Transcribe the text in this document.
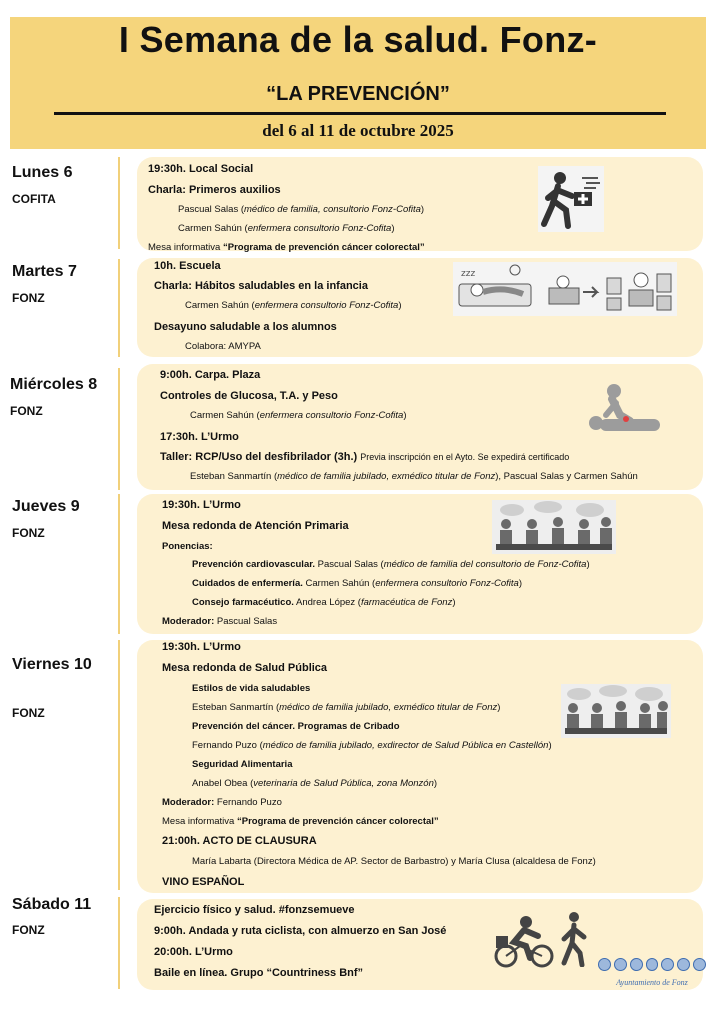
I Semana de la salud. Fonz-
“LA PREVENCIÓN”
del 6 al 11 de octubre 2025
Lunes 6
COFITA
Martes 7
FONZ
Miércoles 8
FONZ
Jueves 9
FONZ
Viernes 10
FONZ
Sábado 11
FONZ
19:30h. Local Social
Charla: Primeros auxilios
Pascual Salas (médico de familia, consultorio Fonz-Cofita)
Carmen Sahún (enfermera consultorio Fonz-Cofita)
Mesa informativa “Programa de prevención cáncer colorectal”
10h. Escuela
Charla: Hábitos saludables en la infancia
Carmen Sahún (enfermera consultorio Fonz-Cofita)
Desayuno saludable a los alumnos
Colabora: AMYPA
9:00h. Carpa. Plaza
Controles de Glucosa, T.A. y Peso
Carmen Sahún (enfermera consultorio Fonz-Cofita)
17:30h. L’Urmo
Taller: RCP/Uso del desfibrilador (3h.) Previa inscripción en el Ayto. Se expedirá certificado
Esteban Sanmartín (médico de familia jubilado, exmédico titular de Fonz), Pascual Salas y Carmen Sahún
19:30h. L’Urmo
Mesa redonda de Atención Primaria
Ponencias:
Prevención cardiovascular. Pascual Salas (médico de familia del consultorio de Fonz-Cofita)
Cuidados de enfermería. Carmen Sahún (enfermera consultorio Fonz-Cofita)
Consejo farmacéutico. Andrea López (farmacéutica de Fonz)
Moderador: Pascual Salas
19:30h. L’Urmo
Mesa redonda de Salud Pública
Estilos de vida saludables
Esteban Sanmartín (médico de familia jubilado, exmédico titular de Fonz)
Prevención del cáncer. Programas de Cribado
Fernando Puzo (médico de familia jubilado, exdirector de Salud Pública en Castellón)
Seguridad Alimentaria
Anabel Obea (veterinaria de Salud Pública, zona Monzón)
Moderador: Fernando Puzo
Mesa informativa “Programa de prevención cáncer colorectal”
21:00h. ACTO DE CLAUSURA
María Labarta (Directora Médica de AP. Sector de Barbastro) y María Clusa (alcaldesa de Fonz)
VINO ESPAÑOL
Ejercicio físico y salud. #fonzsemueve
9:00h. Andada y ruta ciclista, con almuerzo en San José
20:00h. L’Urmo
Baile en línea. Grupo “Countriness Bnf”
zzz
Ayuntamiento de Fonz
